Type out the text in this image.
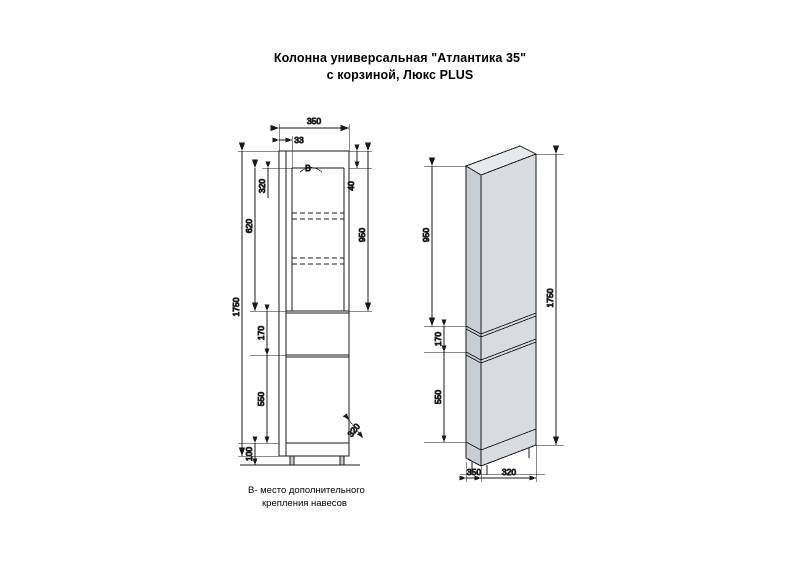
Колонна универсальная "Атлантика 35"
с корзиной, Люкс PLUS
B
350
33
1750
100
550
170
620
320	40
950
320
950
170
550
1750
350 320
В- место дополнительного
крепления навесов
